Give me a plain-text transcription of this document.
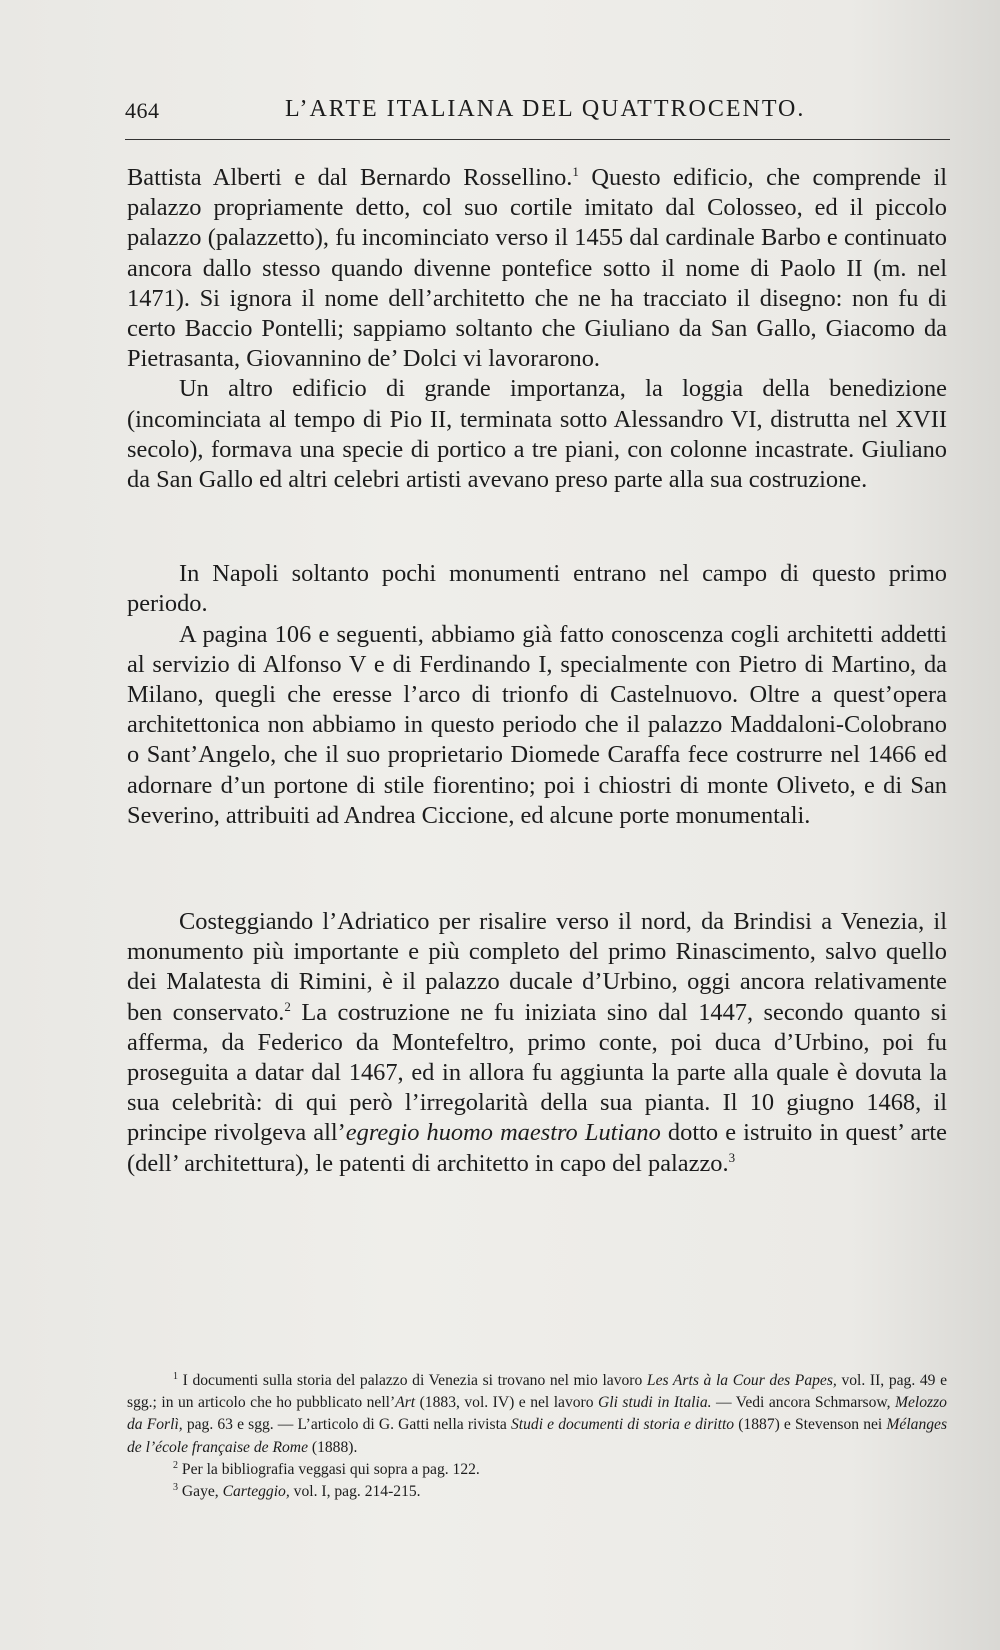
464	L’ARTE ITALIANA DEL QUATTROCENTO.

Battista Alberti e dal Bernardo Rossellino.$^1$ Questo edificio, che comprende il palazzo propriamente detto, col suo cortile imitato dal Colosseo, ed il piccolo palazzo (palazzetto), fu incominciato verso il 1455 dal cardinale Barbo e continuato ancora dallo stesso quando divenne pontefice sotto il nome di Paolo II (m. nel 1471). Si ignora il nome dell’architetto che ne ha tracciato il disegno: non fu di certo Baccio Pontelli; sappiamo soltanto che Giuliano da San Gallo, Giacomo da Pietrasanta, Giovannino de’ Dolci vi lavorarono.

Un altro edificio di grande importanza, la loggia della benedizione (incominciata al tempo di Pio II, terminata sotto Alessandro VI, distrutta nel XVII secolo), formava una specie di portico a tre piani, con colonne incastrate. Giuliano da San Gallo ed altri celebri artisti avevano preso parte alla sua costruzione.

In Napoli soltanto pochi monumenti entrano nel campo di questo primo periodo.

A pagina 106 e seguenti, abbiamo già fatto conoscenza cogli architetti addetti al servizio di Alfonso V e di Ferdinando I, specialmente con Pietro di Martino, da Milano, quegli che eresse l’arco di trionfo di Castelnuovo. Oltre a quest’opera architettonica non abbiamo in questo periodo che il palazzo Maddaloni-Colobrano o Sant’Angelo, che il suo proprietario Diomede Caraffa fece costrurre nel 1466 ed adornare d’un portone di stile fiorentino; poi i chiostri di monte Oliveto, e di San Severino, attribuiti ad Andrea Ciccione, ed alcune porte monumentali.

Costeggiando l’Adriatico per risalire verso il nord, da Brindisi a Venezia, il monumento più importante e più completo del primo Rinascimento, salvo quello dei Malatesta di Rimini, è il palazzo ducale d’Urbino, oggi ancora relativamente ben conservato.$^2$ La costruzione ne fu iniziata sino dal 1447, secondo quanto si afferma, da Federico da Montefeltro, primo conte, poi duca d’Urbino, poi fu proseguita a datar dal 1467, ed in allora fu aggiunta la parte alla quale è dovuta la sua celebrità: di qui però l’irregolarità della sua pianta. Il 10 giugno 1468, il principe rivolgeva all’egregio huomo maestro Lutiano dotto e istruito in quest’ arte (dell’ architettura), le patenti di architetto in capo del palazzo.$^3$

$^1$ I documenti sulla storia del palazzo di Venezia si trovano nel mio lavoro Les Arts à la Cour des Papes, vol. II, pag. 49 e sgg.; in un articolo che ho pubblicato nell’Art (1883, vol. IV) e nel lavoro Gli studi in Italia. — Vedi ancora Schmarsow, Melozzo da Forlì, pag. 63 e sgg. — L’articolo di G. Gatti nella rivista Studi e documenti di storia e diritto (1887) e Stevenson nei Mélanges de l’école française de Rome (1888).

$^2$ Per la bibliografia veggasi qui sopra a pag. 122.

$^3$ Gaye, Carteggio, vol. I, pag. 214-215.
